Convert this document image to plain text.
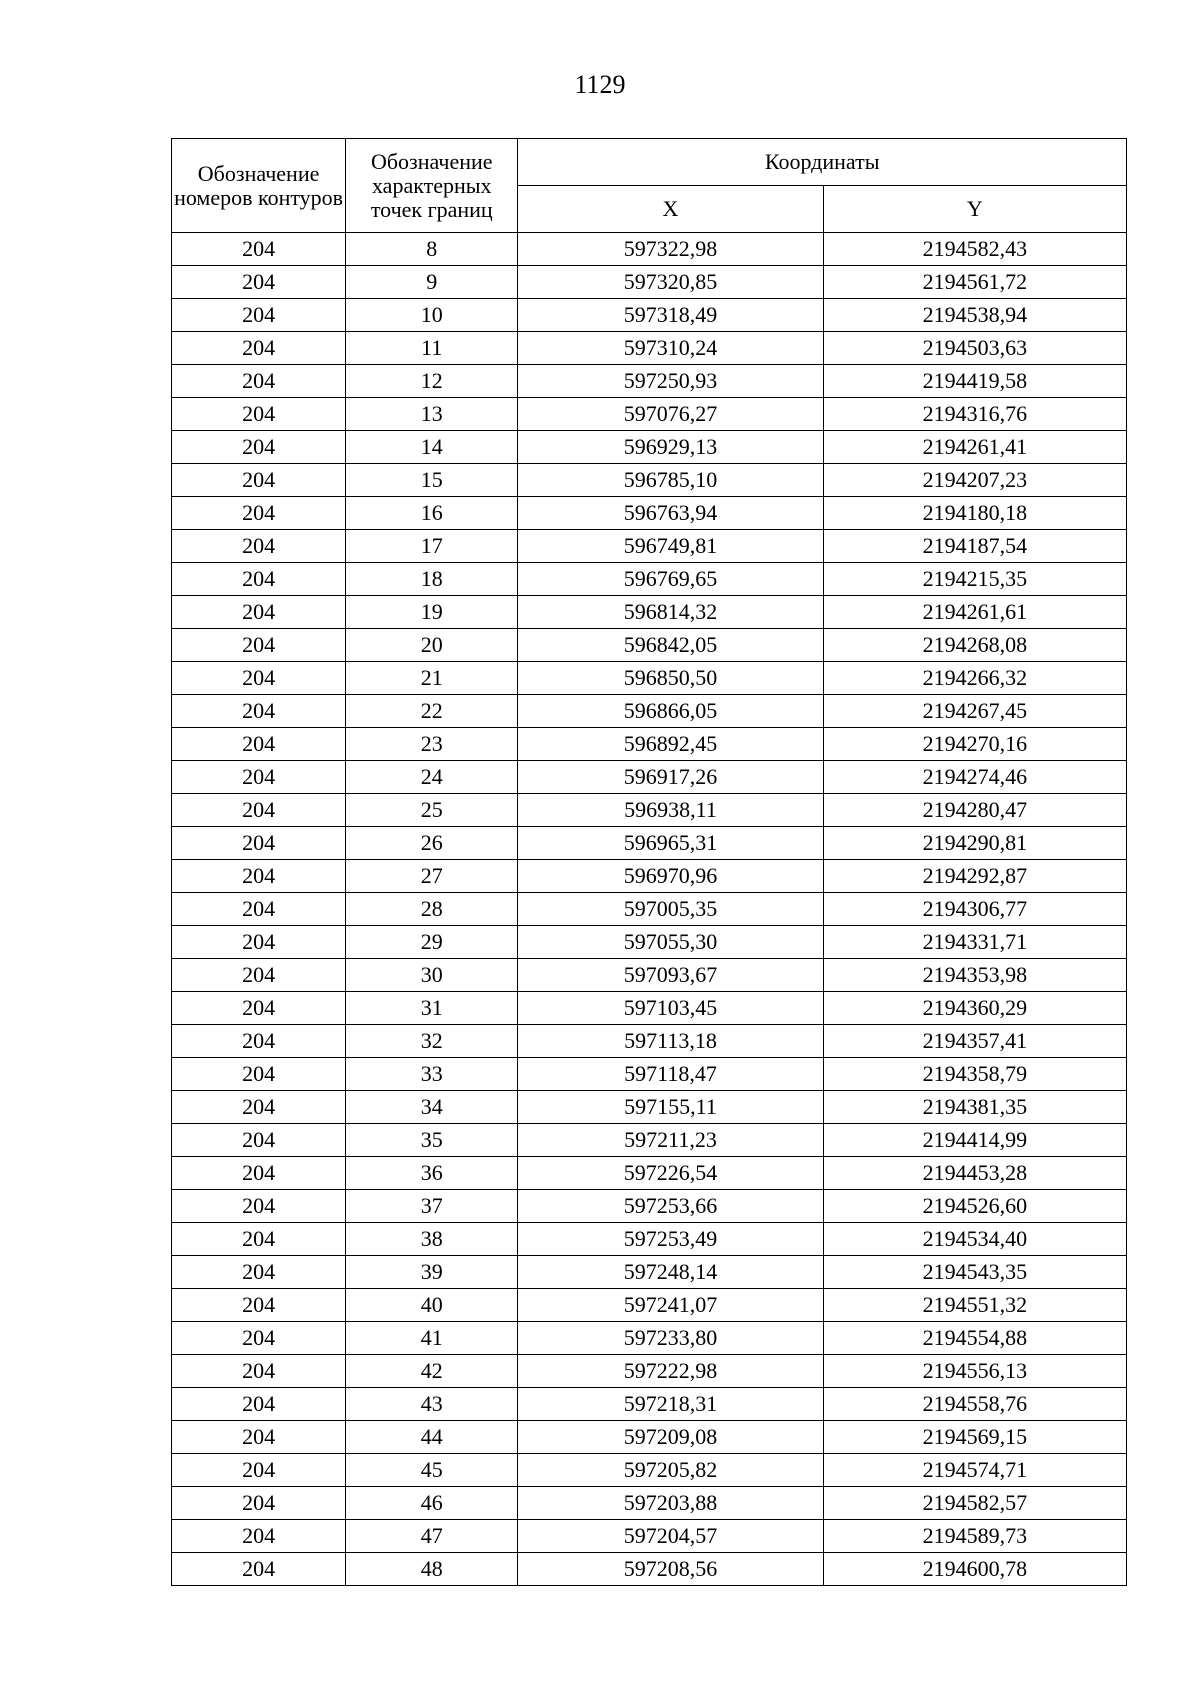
1129
Обозначение номеров контуров	Обозначение характерных точек границ	Координаты	
		X	Y
204	8	597322,98	2194582,43
204	9	597320,85	2194561,72
204	10	597318,49	2194538,94
204	11	597310,24	2194503,63
204	12	597250,93	2194419,58
204	13	597076,27	2194316,76
204	14	596929,13	2194261,41
204	15	596785,10	2194207,23
204	16	596763,94	2194180,18
204	17	596749,81	2194187,54
204	18	596769,65	2194215,35
204	19	596814,32	2194261,61
204	20	596842,05	2194268,08
204	21	596850,50	2194266,32
204	22	596866,05	2194267,45
204	23	596892,45	2194270,16
204	24	596917,26	2194274,46
204	25	596938,11	2194280,47
204	26	596965,31	2194290,81
204	27	596970,96	2194292,87
204	28	597005,35	2194306,77
204	29	597055,30	2194331,71
204	30	597093,67	2194353,98
204	31	597103,45	2194360,29
204	32	597113,18	2194357,41
204	33	597118,47	2194358,79
204	34	597155,11	2194381,35
204	35	597211,23	2194414,99
204	36	597226,54	2194453,28
204	37	597253,66	2194526,60
204	38	597253,49	2194534,40
204	39	597248,14	2194543,35
204	40	597241,07	2194551,32
204	41	597233,80	2194554,88
204	42	597222,98	2194556,13
204	43	597218,31	2194558,76
204	44	597209,08	2194569,15
204	45	597205,82	2194574,71
204	46	597203,88	2194582,57
204	47	597204,57	2194589,73
204	48	597208,56	2194600,78
